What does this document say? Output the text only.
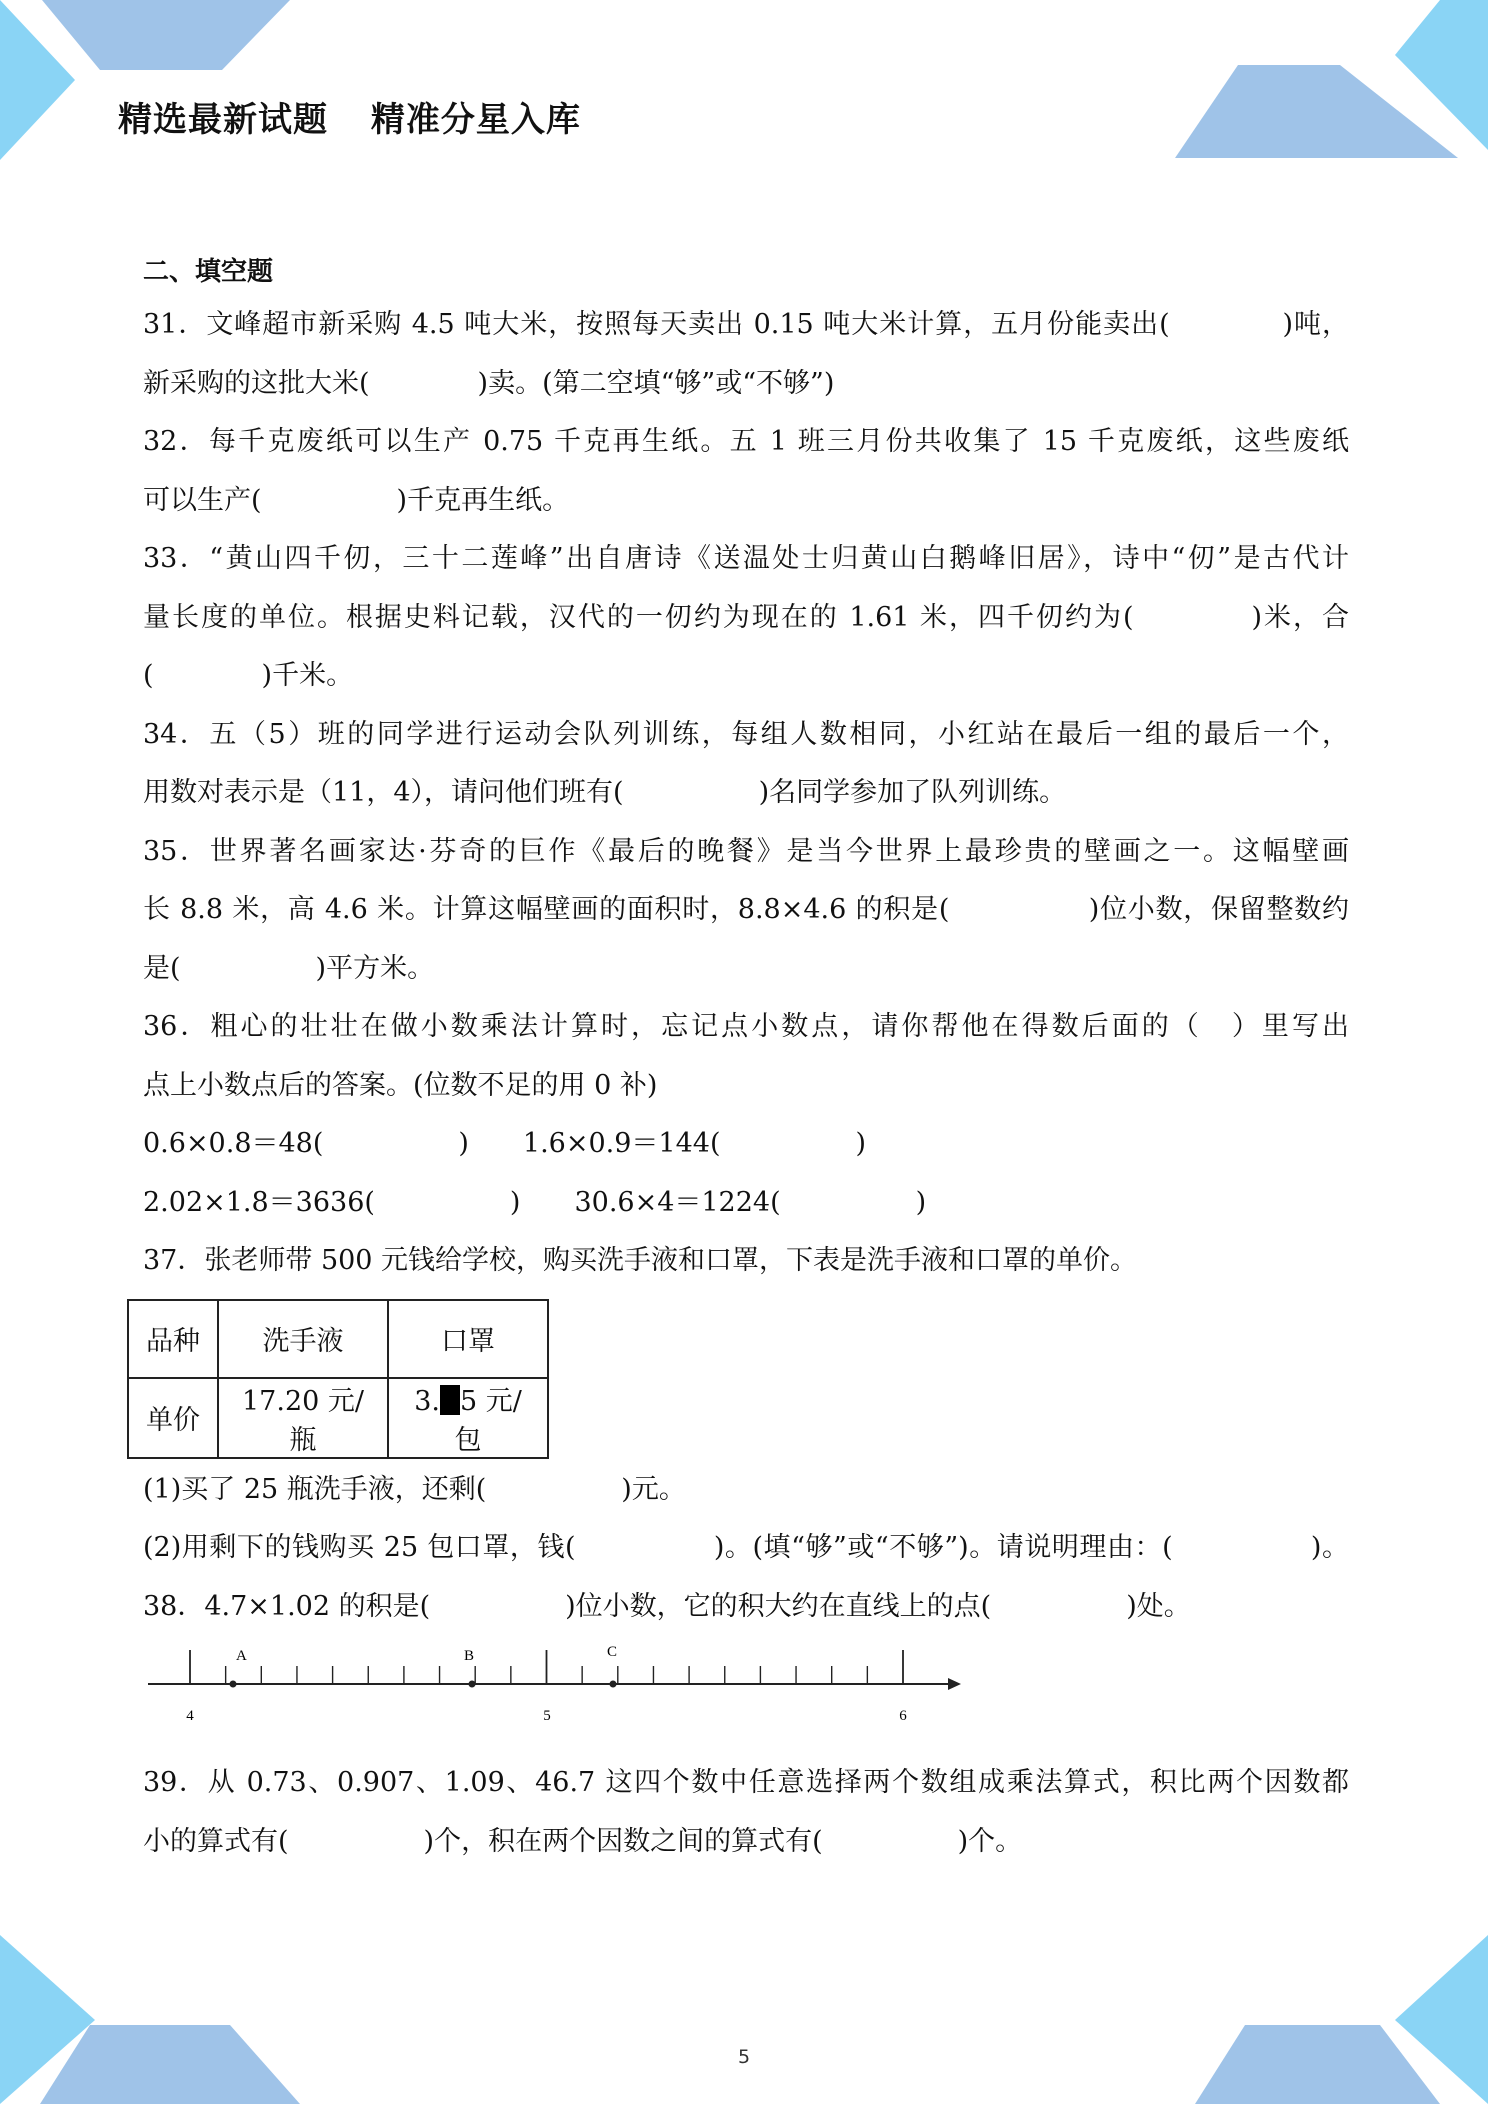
精选最新试题 精准分星入库
二、填空题
31．文峰超市新采购 4.5 吨大米，按照每天卖出 0.15 吨大米计算，五月份能卖出(　　　　)吨，
新采购的这批大米(　　　　)卖。(第二空填“够”或“不够”)
32．每千克废纸可以生产 0.75 千克再生纸。五 1 班三月份共收集了 15 千克废纸，这些废纸
可以生产(　　　　　)千克再生纸。
33．“黄山四千仞，三十二莲峰”出自唐诗《送温处士归黄山白鹅峰旧居》，诗中“仞”是古代计
量长度的单位。根据史料记载，汉代的一仞约为现在的 1.61 米，四千仞约为(　　　　)米，合
(　　　　)千米。
34．五（5）班的同学进行运动会队列训练，每组人数相同，小红站在最后一组的最后一个，
用数对表示是（11，4），请问他们班有(　　　　　)名同学参加了队列训练。
35．世界著名画家达·芬奇的巨作《最后的晚餐》是当今世界上最珍贵的壁画之一。这幅壁画
长 8.8 米，高 4.6 米。计算这幅壁画的面积时，8.8×4.6 的积是(　　　　　)位小数，保留整数约
是(　　　　　)平方米。
36．粗心的壮壮在做小数乘法计算时，忘记点小数点，请你帮他在得数后面的（　）里写出
点上小数点后的答案。(位数不足的用 0 补)
0.6×0.8＝48(　　　　　)　　1.6×0.9＝144(　　　　　)
2.02×1.8＝3636(　　　　　)　　30.6×4＝1224(　　　　　)
37．张老师带 500 元钱给学校，购买洗手液和口罩，下表是洗手液和口罩的单价。
品种	洗手液	口罩
单价	17.20 元/瓶	3. 5 元/包
(1)买了 25 瓶洗手液，还剩(　　　　　)元。
(2)用剩下的钱购买 25 包口罩，钱(　　　　　)。(填“够”或“不够”)。请说明理由：(　　　　　)。
38．4.7×1.02 的积是(　　　　　)位小数，它的积大约在直线上的点(　　　　　)处。
4	5	6
A	B	C
39．从 0.73、0.907、1.09、46.7 这四个数中任意选择两个数组成乘法算式，积比两个因数都
小的算式有(　　　　　)个，积在两个因数之间的算式有(　　　　　)个。
5
